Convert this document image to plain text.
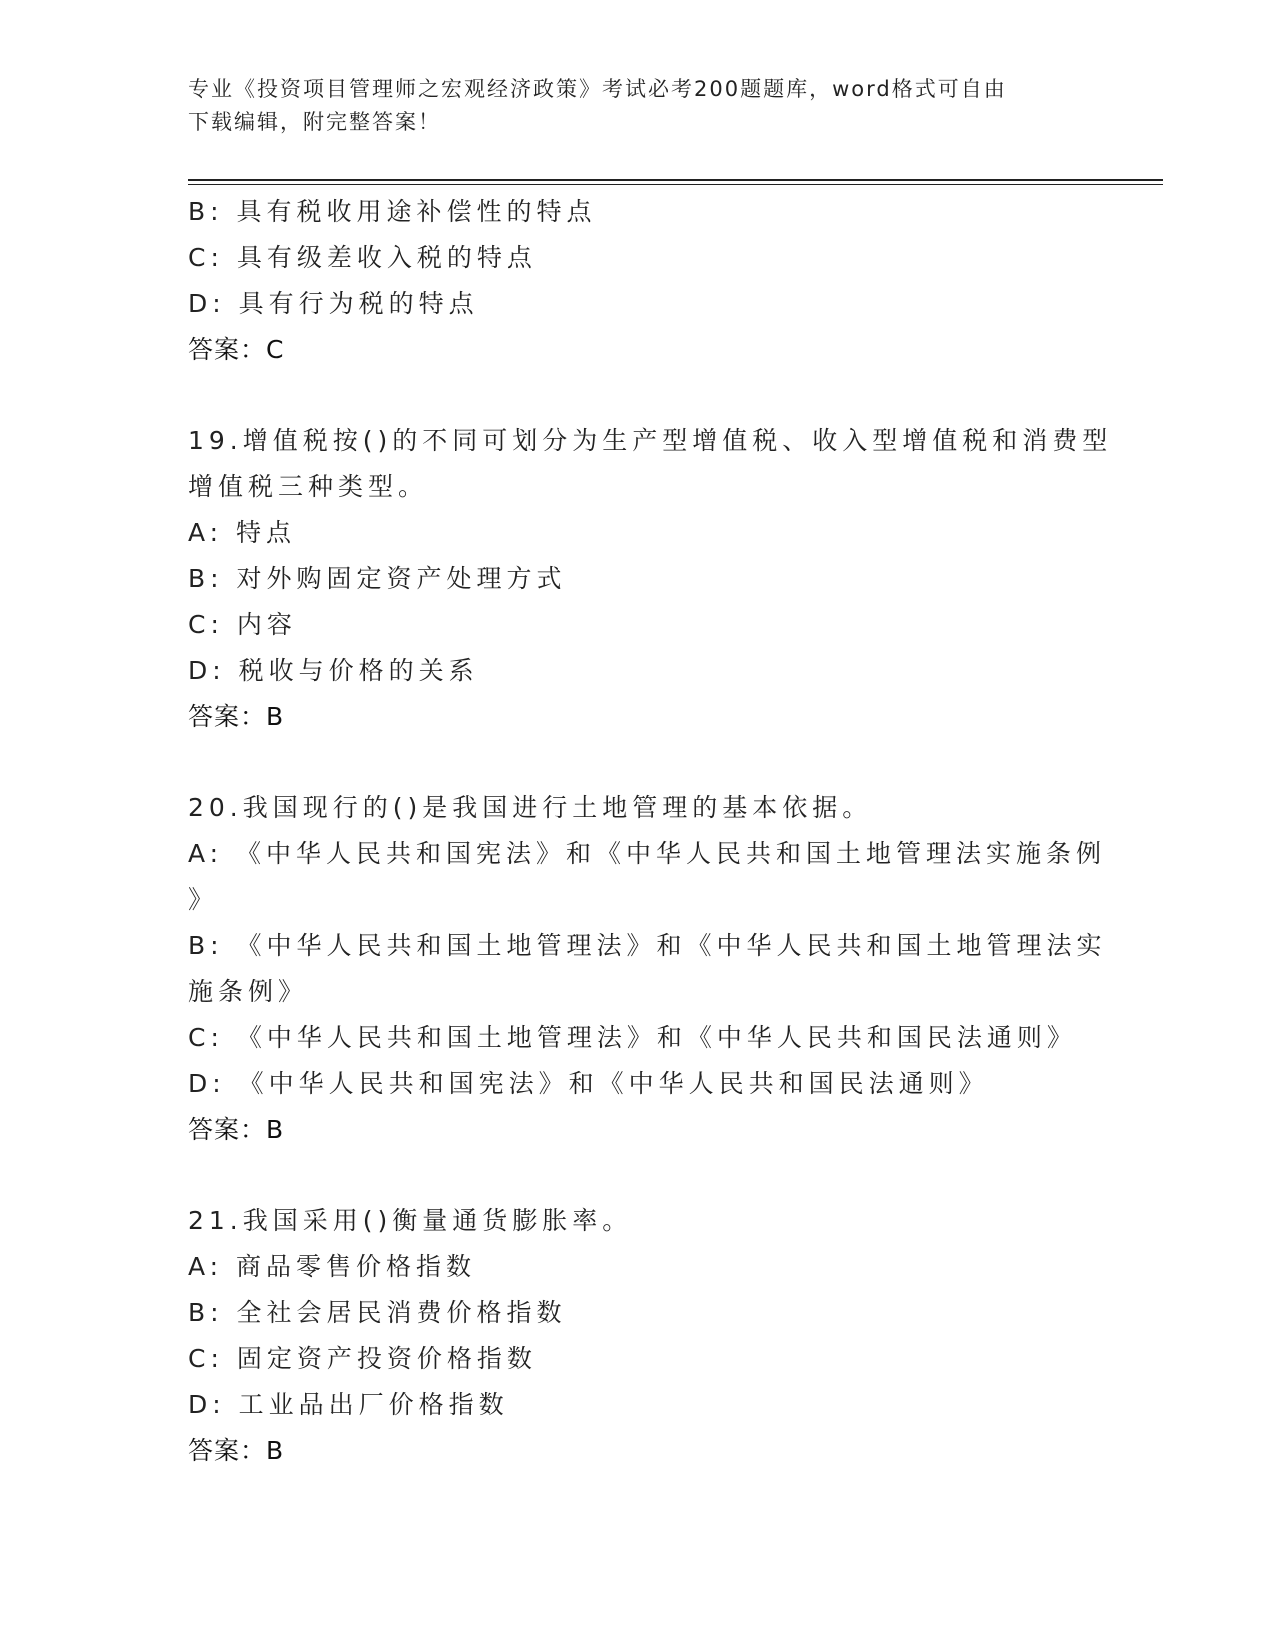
专业《投资项目管理师之宏观经济政策》考试必考200题题库，word格式可自由
下载编辑，附完整答案！
B: 具有税收用途补偿性的特点
C: 具有级差收入税的特点
D: 具有行为税的特点
答案：C
19.增值税按()的不同可划分为生产型增值税、收入型增值税和消费型
增值税三种类型。
A: 特点
B: 对外购固定资产处理方式
C: 内容
D: 税收与价格的关系
答案：B
20.我国现行的()是我国进行土地管理的基本依据。
A: 《中华人民共和国宪法》和《中华人民共和国土地管理法实施条例
》
B: 《中华人民共和国土地管理法》和《中华人民共和国土地管理法实
施条例》
C: 《中华人民共和国土地管理法》和《中华人民共和国民法通则》
D: 《中华人民共和国宪法》和《中华人民共和国民法通则》
答案：B
21.我国采用()衡量通货膨胀率。
A: 商品零售价格指数
B: 全社会居民消费价格指数
C: 固定资产投资价格指数
D: 工业品出厂价格指数
答案：B
